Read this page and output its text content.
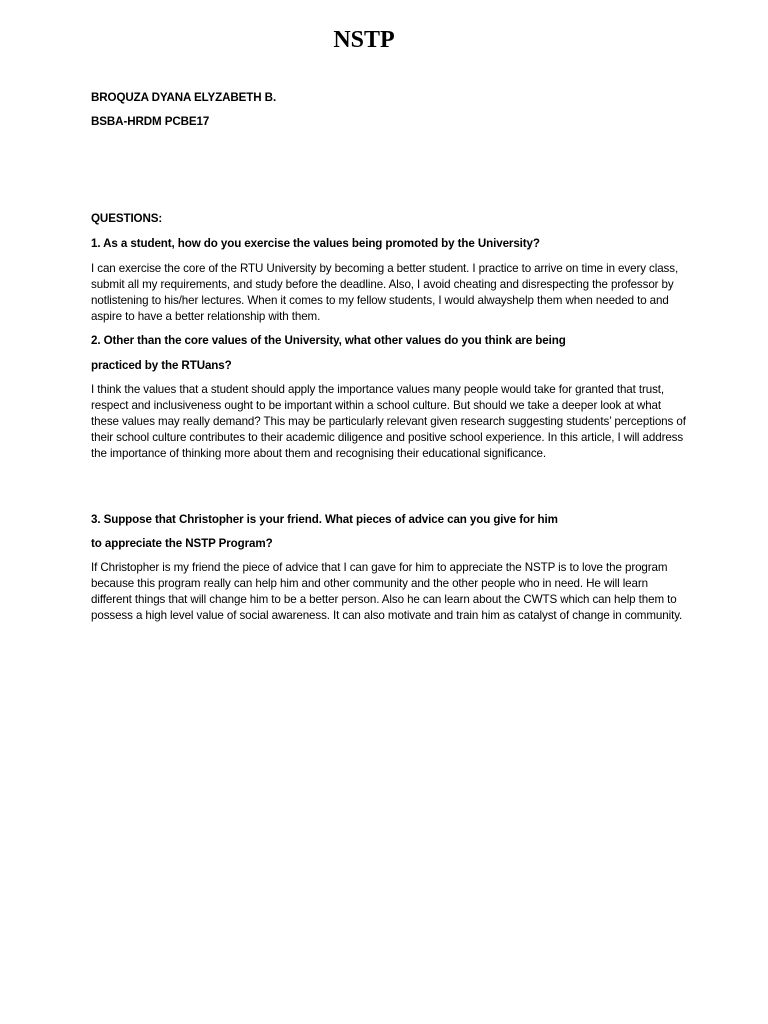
NSTP
BROQUZA DYANA ELYZABETH B.
BSBA-HRDM PCBE17
QUESTIONS:
1. As a student, how do you exercise the values being promoted by the University?

I can exercise the core of the RTU University by becoming a better student. I practice to arrive on time in every class, submit all my requirements, and study before the deadline. Also, I avoid cheating and disrespecting the professor by notlistening to his/her lectures. When it comes to my fellow students, I would alwayshelp them when needed to and aspire to have a better relationship with them.

2. Other than the core values of the University, what other values do you think are being
practiced by the RTUans?

I think the values that a student should apply the importance values many people would take for granted that trust, respect and inclusiveness ought to be important within a school culture. But should we take a deeper look at what these values may really demand? This may be particularly relevant given research suggesting students’ perceptions of their school culture contributes to their academic diligence and positive school experience. In this article, I will address the importance of thinking more about them and recognising their educational significance.

3. Suppose that Christopher is your friend. What pieces of advice can you give for him
to appreciate the NSTP Program?

If Christopher is my friend the piece of advice that I can gave for him to appreciate the NSTP is to love the program because this program really can help him and other community and the other people who in need. He will learn different things that will change him to be a better person. Also he can learn about the CWTS which can help them to possess a high level value of social awareness. It can also motivate and train him as catalyst of change in community.
